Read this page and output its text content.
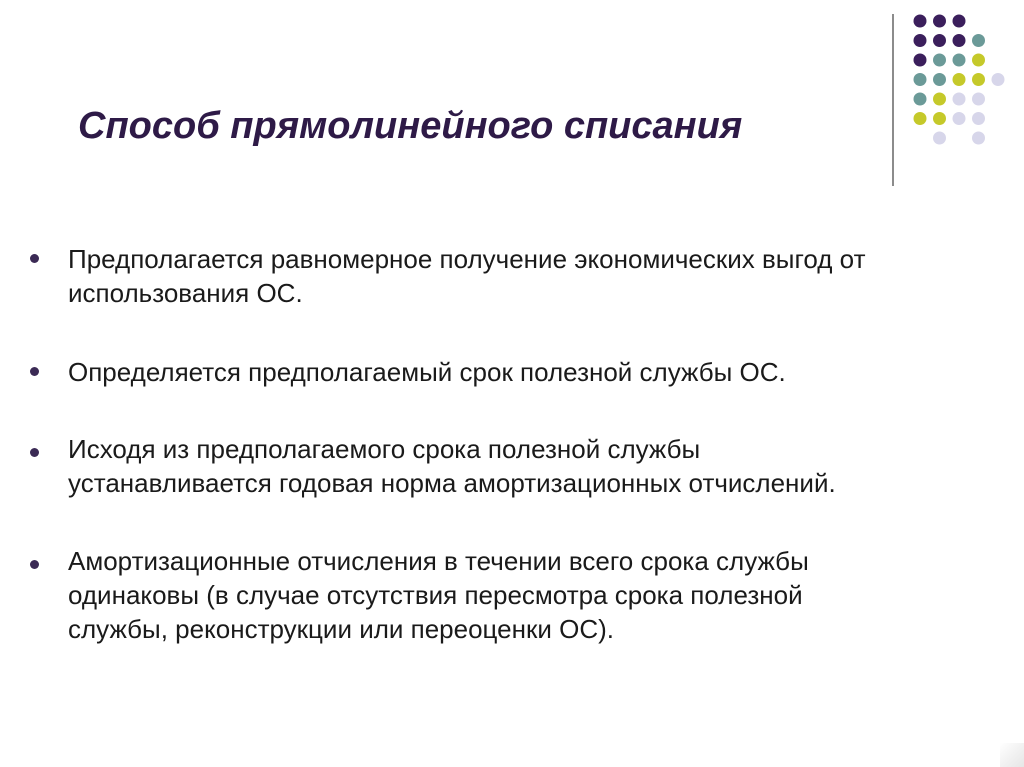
Способ прямолинейного списания
Предполагается равномерное получение экономических выгод от
использования ОС.
Определяется предполагаемый срок полезной службы ОС.
Исходя из предполагаемого срока полезной службы
устанавливается годовая норма амортизационных отчислений.
Амортизационные отчисления в течении всего срока службы
одинаковы (в случае отсутствия пересмотра срока полезной
службы, реконструкции или переоценки ОС).
